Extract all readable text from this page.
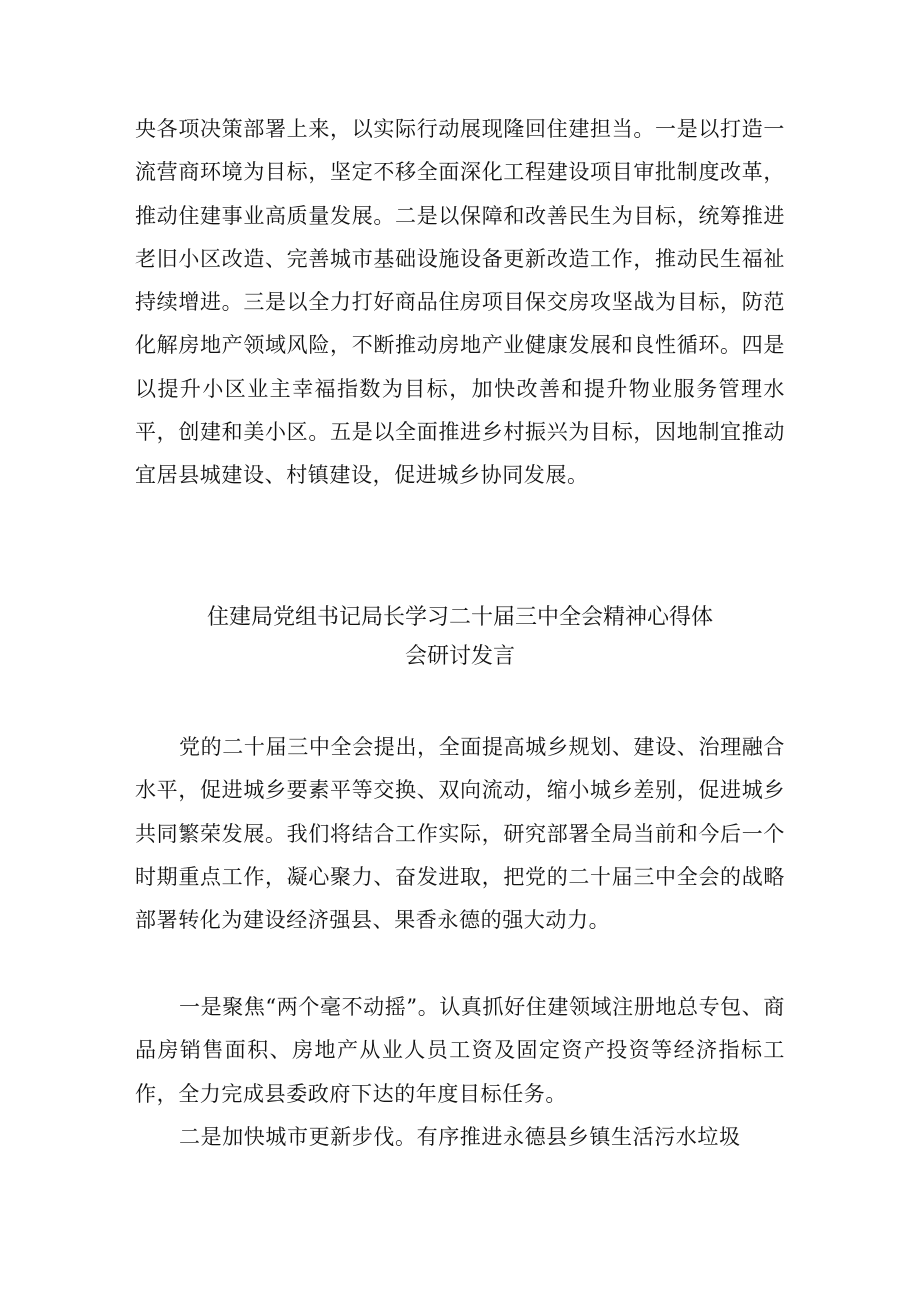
央各项决策部署上来，以实际行动展现隆回住建担当。一是以打造一流营商环境为目标，坚定不移全面深化工程建设项目审批制度改革，推动住建事业高质量发展。二是以保障和改善民生为目标，统筹推进老旧小区改造、完善城市基础设施设备更新改造工作，推动民生福祉持续增进。三是以全力打好商品住房项目保交房攻坚战为目标，防范化解房地产领域风险，不断推动房地产业健康发展和良性循环。四是以提升小区业主幸福指数为目标，加快改善和提升物业服务管理水平，创建和美小区。五是以全面推进乡村振兴为目标，因地制宜推动宜居县城建设、村镇建设，促进城乡协同发展。

住建局党组书记局长学习二十届三中全会精神心得体
会研讨发言

党的二十届三中全会提出，全面提高城乡规划、建设、治理融合水平，促进城乡要素平等交换、双向流动，缩小城乡差别，促进城乡共同繁荣发展。我们将结合工作实际，研究部署全局当前和今后一个时期重点工作，凝心聚力、奋发进取，把党的二十届三中全会的战略部署转化为建设经济强县、果香永德的强大动力。

一是聚焦“两个毫不动摇”。认真抓好住建领域注册地总专包、商品房销售面积、房地产从业人员工资及固定资产投资等经济指标工作，全力完成县委政府下达的年度目标任务。

二是加快城市更新步伐。有序推进永德县乡镇生活污水垃圾
